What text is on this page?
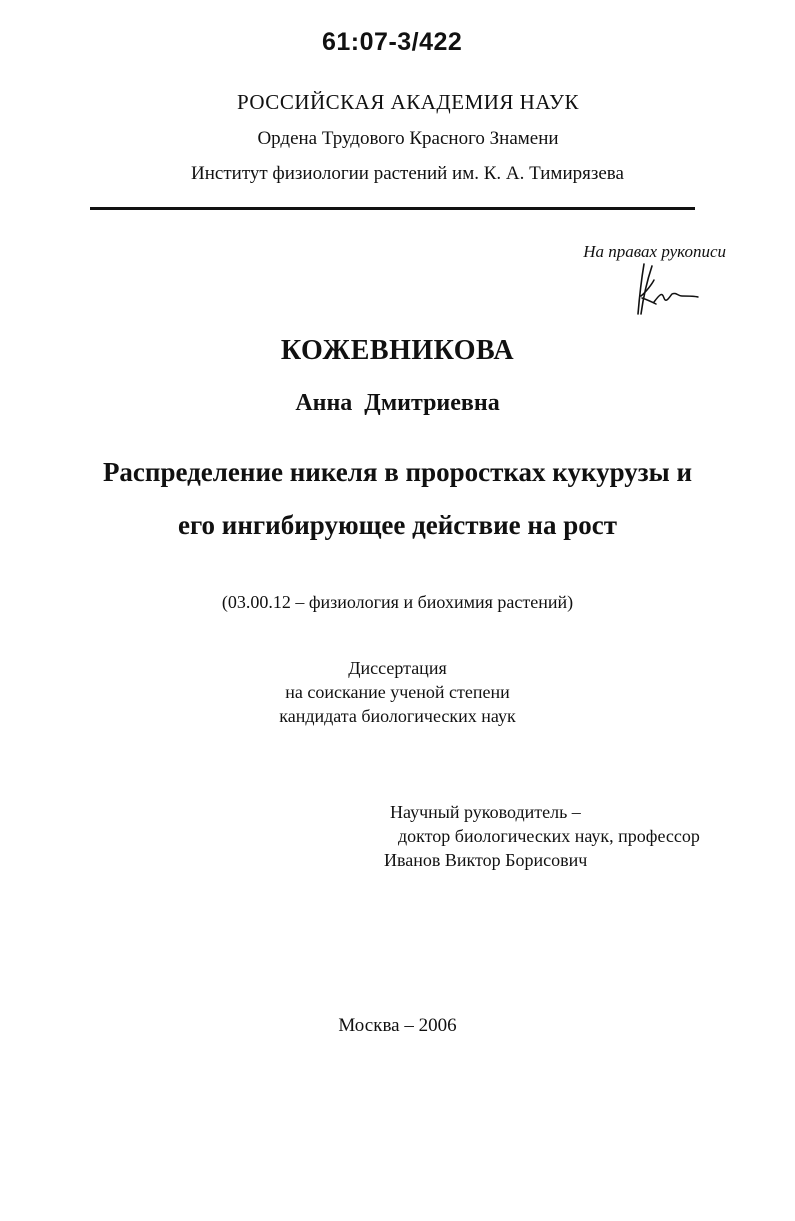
61:07-3/422
РОССИЙСКАЯ АКАДЕМИЯ НАУК
Ордена Трудового Красного Знамени
Институт физиологии растений им. К. А. Тимирязева
На правах рукописи
КОЖЕВНИКОВА
Анна Дмитриевна
Распределение никеля в проростках кукурузы и
его ингибирующее действие на рост
(03.00.12 – физиология и биохимия растений)
Диссертация
на соискание ученой степени
кандидата биологических наук
Научный руководитель –
доктор биологических наук, профессор
Иванов Виктор Борисович
Москва – 2006
